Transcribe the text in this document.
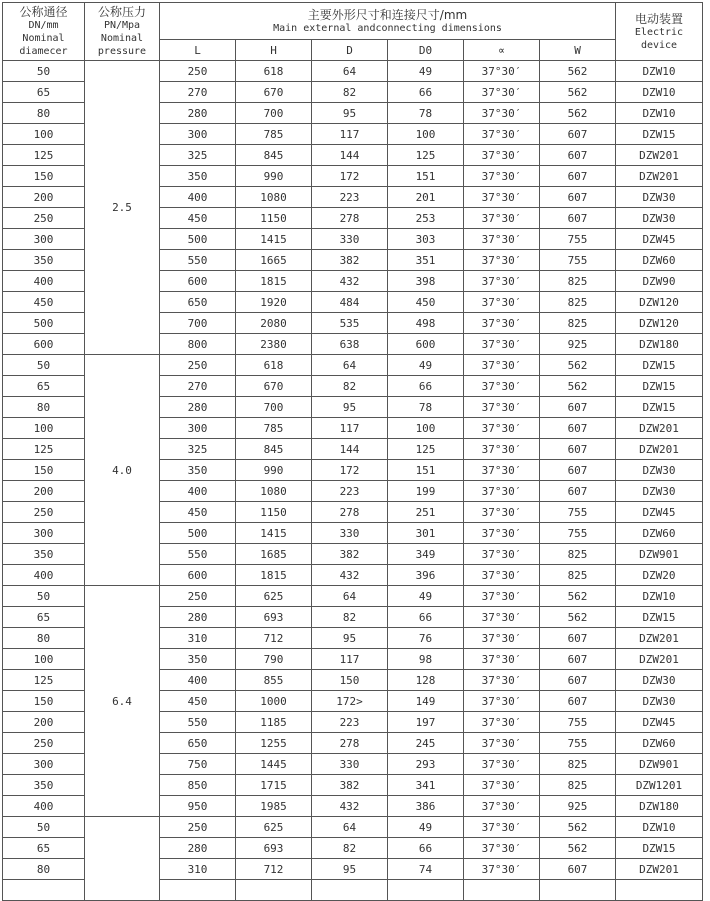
公称通径
DN/mm
Nominal
diamecer	公称压力
PN/Mpa
Nominal
pressure	主要外形尺寸和连接尺寸/mm
Main external andconnecting dimensions						电动装置
Electric
device

		L	H	D	D0	∝	W	
50	2.5	250	618	64	49	37°30′	562	DZW10
65		270	670	82	66	37°30′	562	DZW10
80		280	700	95	78	37°30′	562	DZW10
100		300	785	117	100	37°30′	607	DZW15
125		325	845	144	125	37°30′	607	DZW201
150		350	990	172	151	37°30′	607	DZW201
200		400	1080	223	201	37°30′	607	DZW30
250		450	1150	278	253	37°30′	607	DZW30
300		500	1415	330	303	37°30′	755	DZW45
350		550	1665	382	351	37°30′	755	DZW60
400		600	1815	432	398	37°30′	825	DZW90
450		650	1920	484	450	37°30′	825	DZW120
500		700	2080	535	498	37°30′	825	DZW120
600		800	2380	638	600	37°30′	925	DZW180
50	4.0	250	618	64	49	37°30′	562	DZW15
65		270	670	82	66	37°30′	562	DZW15
80		280	700	95	78	37°30′	607	DZW15
100		300	785	117	100	37°30′	607	DZW201
125		325	845	144	125	37°30′	607	DZW201
150		350	990	172	151	37°30′	607	DZW30
200		400	1080	223	199	37°30′	607	DZW30
250		450	1150	278	251	37°30′	755	DZW45
300		500	1415	330	301	37°30′	755	DZW60
350		550	1685	382	349	37°30′	825	DZW901
400		600	1815	432	396	37°30′	825	DZW20
50	6.4	250	625	64	49	37°30′	562	DZW10
65		280	693	82	66	37°30′	562	DZW15
80		310	712	95	76	37°30′	607	DZW201
100		350	790	117	98	37°30′	607	DZW201
125		400	855	150	128	37°30′	607	DZW30
150		450	1000	172>	149	37°30′	607	DZW30
200		550	1185	223	197	37°30′	755	DZW45
250		650	1255	278	245	37°30′	755	DZW60
300		750	1445	330	293	37°30′	825	DZW901
350		850	1715	382	341	37°30′	825	DZW1201
400		950	1985	432	386	37°30′	925	DZW180
50		250	625	64	49	37°30′	562	DZW10
65		280	693	82	66	37°30′	562	DZW15
80		310	712	95	74	37°30′	607	DZW201
